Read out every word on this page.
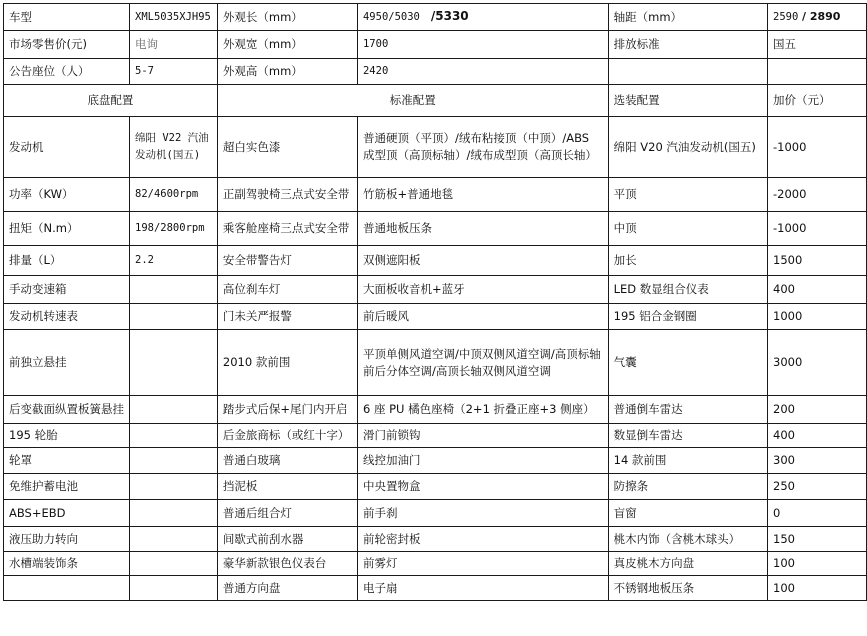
车型	XML5035XJH95	外观长（mm）	4950/5030 /5330	轴距（mm）	2590 / 2890
市场零售价(元)	电询	外观宽（mm）	1700	排放标准	国五
公告座位（人）	5-7	外观高（mm）	2420		
底盘配置		标准配置		选装配置	加价（元）
发动机	绵阳 V22 汽油发动机(国五)	超白实色漆	普通硬顶（平顶）/绒布粘接顶（中顶）/ABS 成型顶（高顶标轴）/绒布成型顶（高顶长轴）	绵阳 V20 汽油发动机(国五)	-1000
功率（KW）	82/4600rpm	正副驾驶椅三点式安全带	竹筋板+普通地毯	平顶	-2000
扭矩（N.m）	198/2800rpm	乘客舱座椅三点式安全带	普通地板压条	中顶	-1000
排量（L）	2.2	安全带警告灯	双侧遮阳板	加长	1500
手动变速箱		高位刹车灯	大面板收音机+蓝牙	LED 数显组合仪表	400
发动机转速表		门未关严报警	前后暖风	195 铝合金钢圈	1000
前独立悬挂		2010 款前围	平顶单侧风道空调/中顶双侧风道空调/高顶标轴前后分体空调/高顶长轴双侧风道空调	气囊	3000
后变截面纵置板簧悬挂		踏步式后保+尾门内开启	6 座 PU 橘色座椅（2+1 折叠正座+3 侧座）	普通倒车雷达	200
195 轮胎		后金旅商标（或红十字）	滑门前锁钩	数显倒车雷达	400
轮罩		普通白玻璃	线控加油门	14 款前围	300
免维护蓄电池		挡泥板	中央置物盒	防擦条	250
ABS+EBD		普通后组合灯	前手刹	盲窗	0
液压助力转向		间歇式前刮水器	前轮密封板	桃木内饰（含桃木球头）	150
水槽端装饰条		豪华新款银色仪表台	前雾灯	真皮桃木方向盘	100
		普通方向盘	电子扇	不锈钢地板压条	100
